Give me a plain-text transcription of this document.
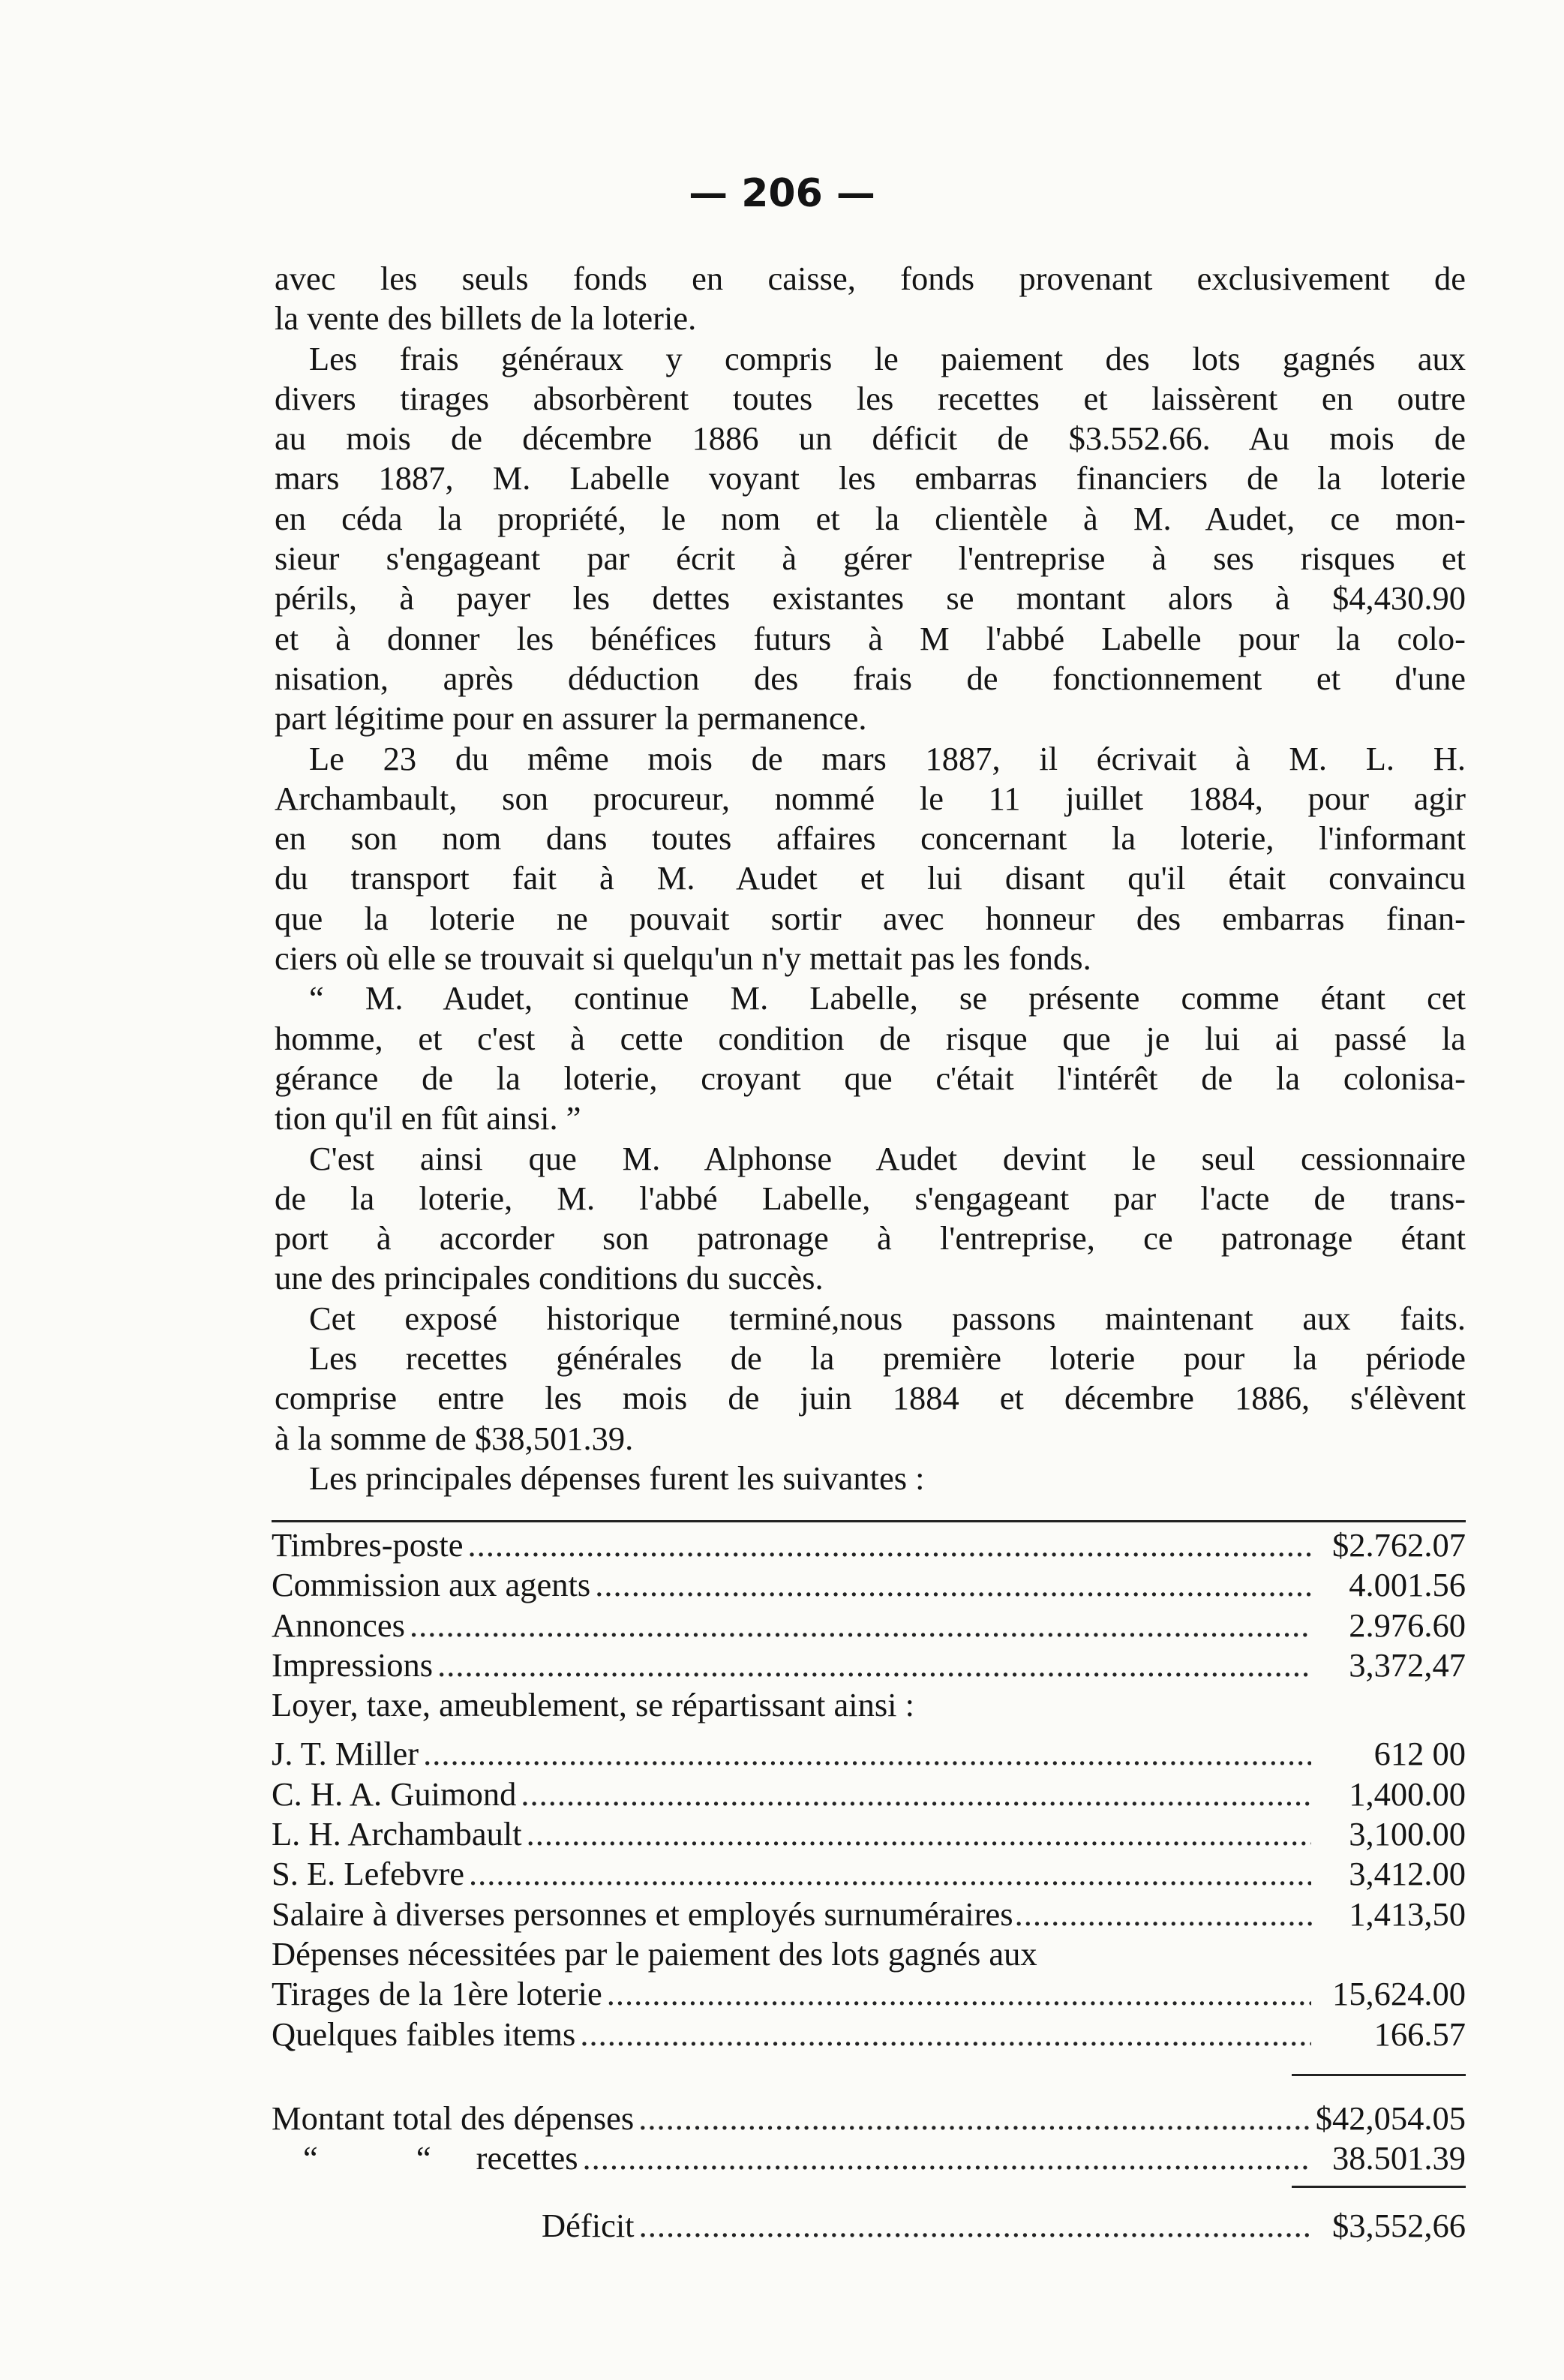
— 206 —
avec les seuls fonds en caisse, fonds provenant exclusivement de
la vente des billets de la loterie.
Les frais généraux y compris le paiement des lots gagnés aux
divers tirages absorbèrent toutes les recettes et laissèrent en outre
au mois de décembre 1886 un déficit de $3.552.66. Au mois de
mars 1887, M. Labelle voyant les embarras financiers de la loterie
en céda la propriété, le nom et la clientèle à M. Audet, ce mon-
sieur s'engageant par écrit à gérer l'entreprise à ses risques et
périls, à payer les dettes existantes se montant alors à $4,430.90
et à donner les bénéfices futurs à M l'abbé Labelle pour la colo-
nisation, après déduction des frais de fonctionnement et d'une
part légitime pour en assurer la permanence.
Le 23 du même mois de mars 1887, il écrivait à M. L. H.
Archambault, son procureur, nommé le 11 juillet 1884, pour agir
en son nom dans toutes affaires concernant la loterie, l'informant
du transport fait à M. Audet et lui disant qu'il était convaincu
que la loterie ne pouvait sortir avec honneur des embarras finan-
ciers où elle se trouvait si quelqu'un n'y mettait pas les fonds.
“ M. Audet, continue M. Labelle, se présente comme étant cet
homme, et c'est à cette condition de risque que je lui ai passé la
gérance de la loterie, croyant que c'était l'intérêt de la colonisa-
tion qu'il en fût ainsi. ”
C'est ainsi que M. Alphonse Audet devint le seul cessionnaire
de la loterie, M. l'abbé Labelle, s'engageant par l'acte de trans-
port à accorder son patronage à l'entreprise, ce patronage étant
une des principales conditions du succès.
Cet exposé historique terminé,nous passons maintenant aux faits.
Les recettes générales de la première loterie pour la période
comprise entre les mois de juin 1884 et décembre 1886, s'élèvent
à la somme de $38,501.39.
Les principales dépenses furent les suivantes :
Timbres-poste .....	$2.762.07
Commission aux agents .....	4.001.56
Annonces .....	2.976.60
Impressions .....	3,372,47
Loyer, taxe, ameublement, se répartissant ainsi :
J. T. Miller .....	612 00
C. H. A. Guimond .....	1,400.00
L. H. Archambault .....	3,100.00
S. E. Lefebvre .....	3,412.00
Salaire à diverses personnes et employés surnuméraires .....	1,413,50
Dépenses nécessitées par le paiement des lots gagnés aux
Tirages de la 1ère loterie .....	15,624.00
Quelques faibles items .....	166.57
Montant total des dépenses .....	$42,054.05
“ “ recettes .....	38.501.39
Déficit .....	$3,552,66
